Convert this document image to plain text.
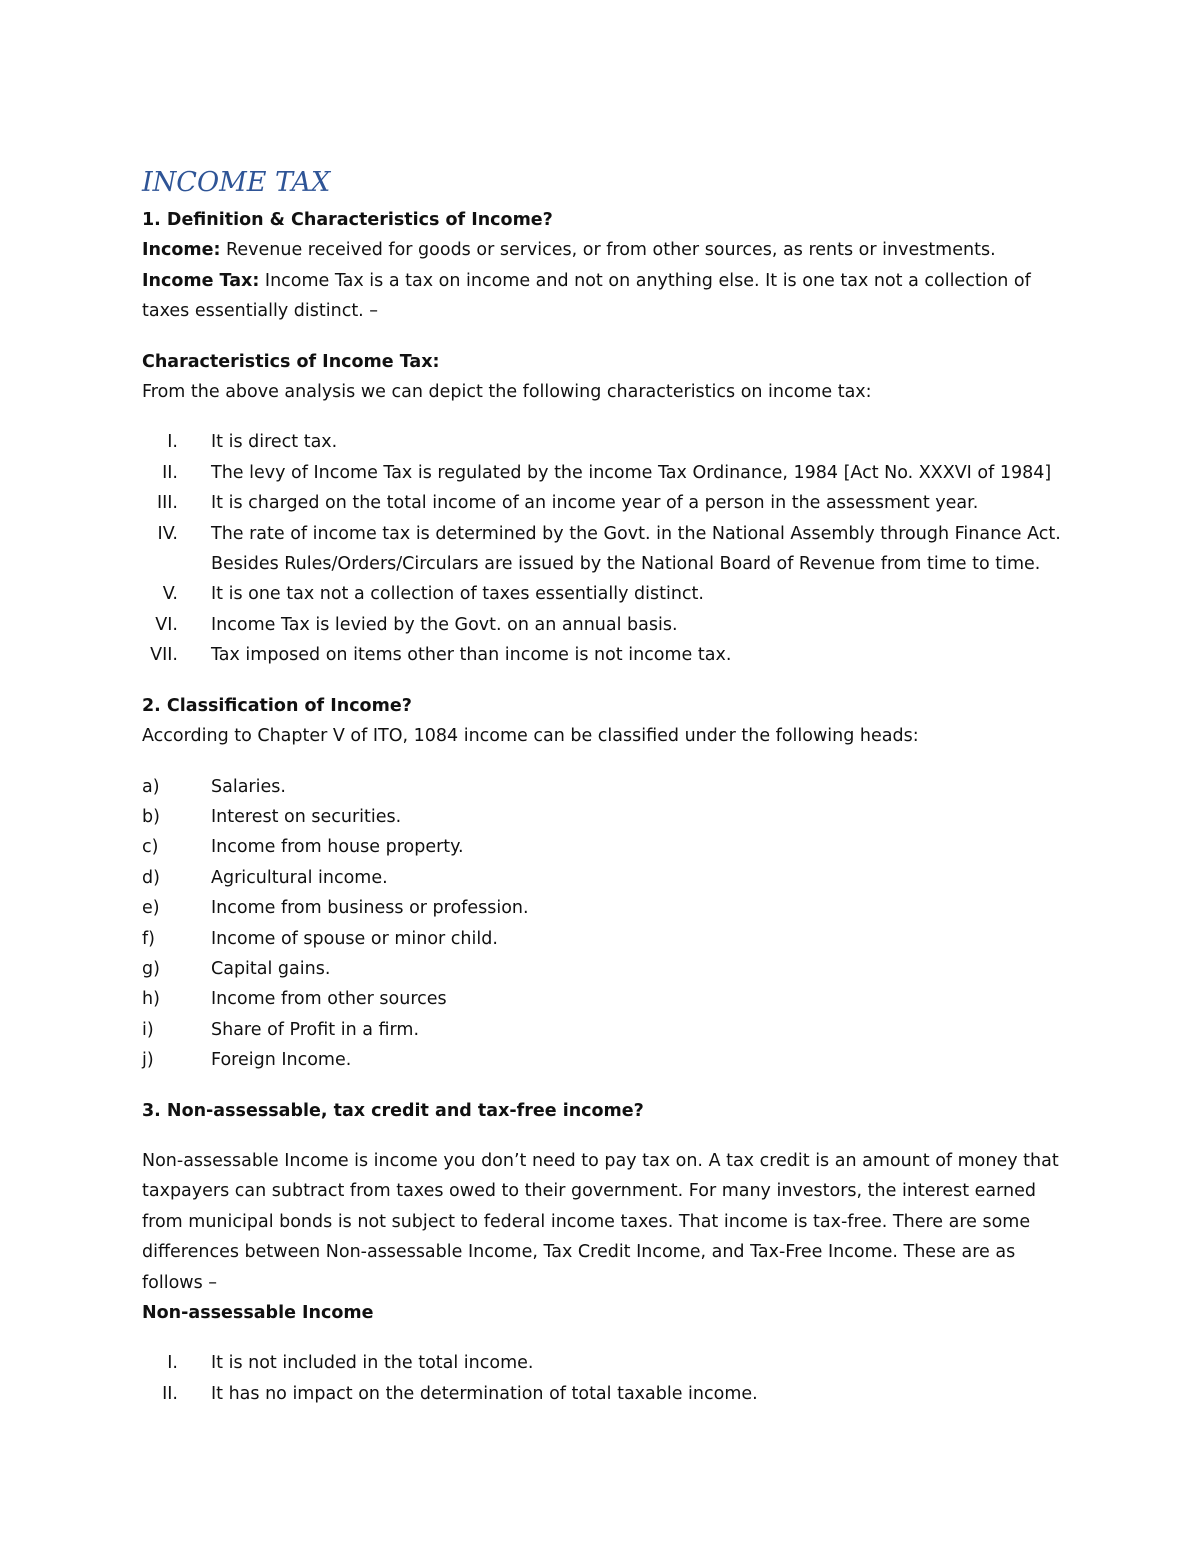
INCOME TAX

1. Definition & Characteristics of Income?

Income: Revenue received for goods or services, or from other sources, as rents or investments.

Income Tax: Income Tax is a tax on income and not on anything else. It is one tax not a collection of taxes essentially distinct. –

Characteristics of Income Tax:

From the above analysis we can depict the following characteristics on income tax:

I. It is direct tax.
II. The levy of Income Tax is regulated by the income Tax Ordinance, 1984 [Act No. XXXVI of 1984]
III. It is charged on the total income of an income year of a person in the assessment year.
IV. The rate of income tax is determined by the Govt. in the National Assembly through Finance Act. Besides Rules/Orders/Circulars are issued by the National Board of Revenue from time to time.
V. It is one tax not a collection of taxes essentially distinct.
VI. Income Tax is levied by the Govt. on an annual basis.
VII. Tax imposed on items other than income is not income tax.

2. Classification of Income?

According to Chapter V of ITO, 1084 income can be classified under the following heads:

a)	Salaries.
b)	Interest on securities.
c)	Income from house property.
d)	Agricultural income.
e)	Income from business or profession.
f)	Income of spouse or minor child.
g)	Capital gains.
h)	Income from other sources
i)	Share of Profit in a firm.
j)	Foreign Income.

3. Non-assessable, tax credit and tax-free income?

Non-assessable Income is income you don’t need to pay tax on. A tax credit is an amount of money that taxpayers can subtract from taxes owed to their government. For many investors, the interest earned from municipal bonds is not subject to federal income taxes. That income is tax-free. There are some differences between Non-assessable Income, Tax Credit Income, and Tax-Free Income. These are as follows –

Non-assessable Income

I. It is not included in the total income.
II. It has no impact on the determination of total taxable income.
